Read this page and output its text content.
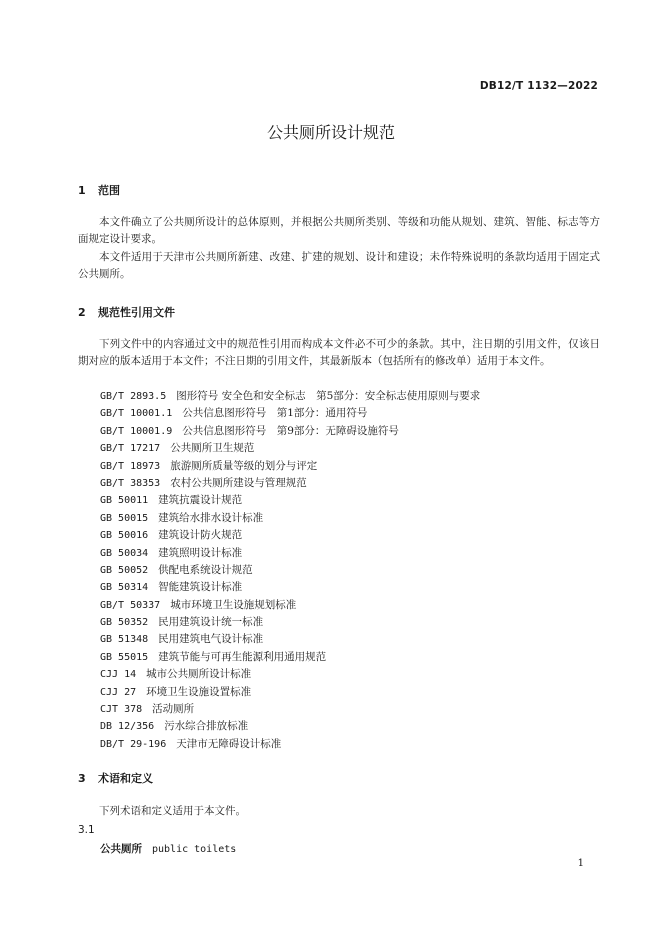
DB12/T 1132—2022
公共厕所设计规范
1 范围
本文件确立了公共厕所设计的总体原则，并根据公共厕所类别、等级和功能从规划、建筑、智能、标志等方面规定设计要求。
本文件适用于天津市公共厕所新建、改建、扩建的规划、设计和建设；未作特殊说明的条款均适用于固定式公共厕所。
2 规范性引用文件
下列文件中的内容通过文中的规范性引用而构成本文件必不可少的条款。其中，注日期的引用文件，仅该日期对应的版本适用于本文件；不注日期的引用文件，其最新版本（包括所有的修改单）适用于本文件。
GB/T 2893.5 图形符号 安全色和安全标志　第5部分：安全标志使用原则与要求
GB/T 10001.1 公共信息图形符号　第1部分：通用符号
GB/T 10001.9 公共信息图形符号　第9部分：无障碍设施符号
GB/T 17217 公共厕所卫生规范
GB/T 18973 旅游厕所质量等级的划分与评定
GB/T 38353 农村公共厕所建设与管理规范
GB 50011 建筑抗震设计规范
GB 50015 建筑给水排水设计标准
GB 50016 建筑设计防火规范
GB 50034 建筑照明设计标准
GB 50052 供配电系统设计规范
GB 50314 智能建筑设计标准
GB/T 50337 城市环境卫生设施规划标准
GB 50352 民用建筑设计统一标准
GB 51348 民用建筑电气设计标准
GB 55015 建筑节能与可再生能源利用通用规范
CJJ 14 城市公共厕所设计标准
CJJ 27 环境卫生设施设置标准
CJT 378 活动厕所
DB 12/356 污水综合排放标准
DB/T 29-196 天津市无障碍设计标准
3 术语和定义
下列术语和定义适用于本文件。
3.1
公共厕所 public toilets
1
